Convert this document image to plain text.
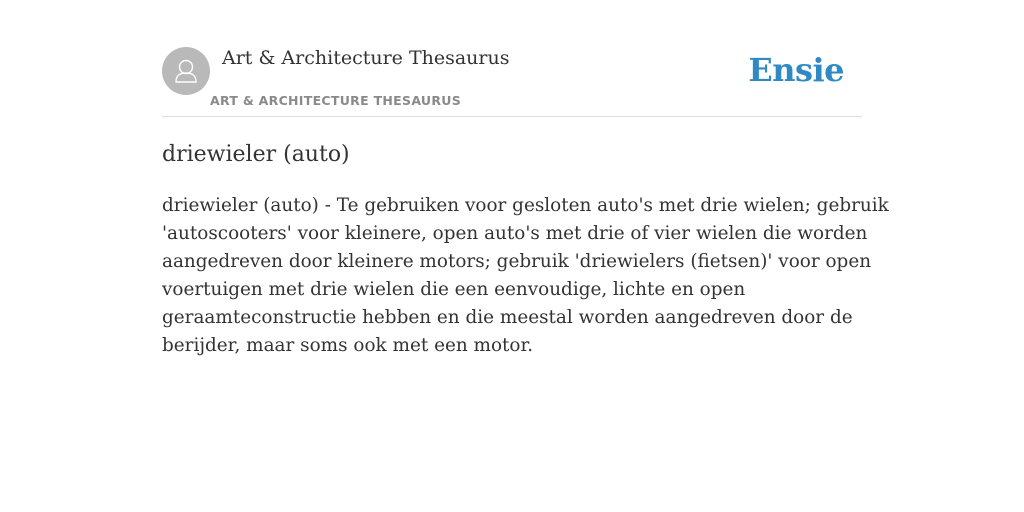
Art & Architecture Thesaurus
ART & ARCHITECTURE THESAURUS
Ensie
driewieler (auto)

driewieler (auto) - Te gebruiken voor gesloten auto's met drie wielen; gebruik
'autoscooters' voor kleinere, open auto's met drie of vier wielen die worden
aangedreven door kleinere motors; gebruik 'driewielers (fietsen)' voor open
voertuigen met drie wielen die een eenvoudige, lichte en open
geraamteconstructie hebben en die meestal worden aangedreven door de
berijder, maar soms ook met een motor.
